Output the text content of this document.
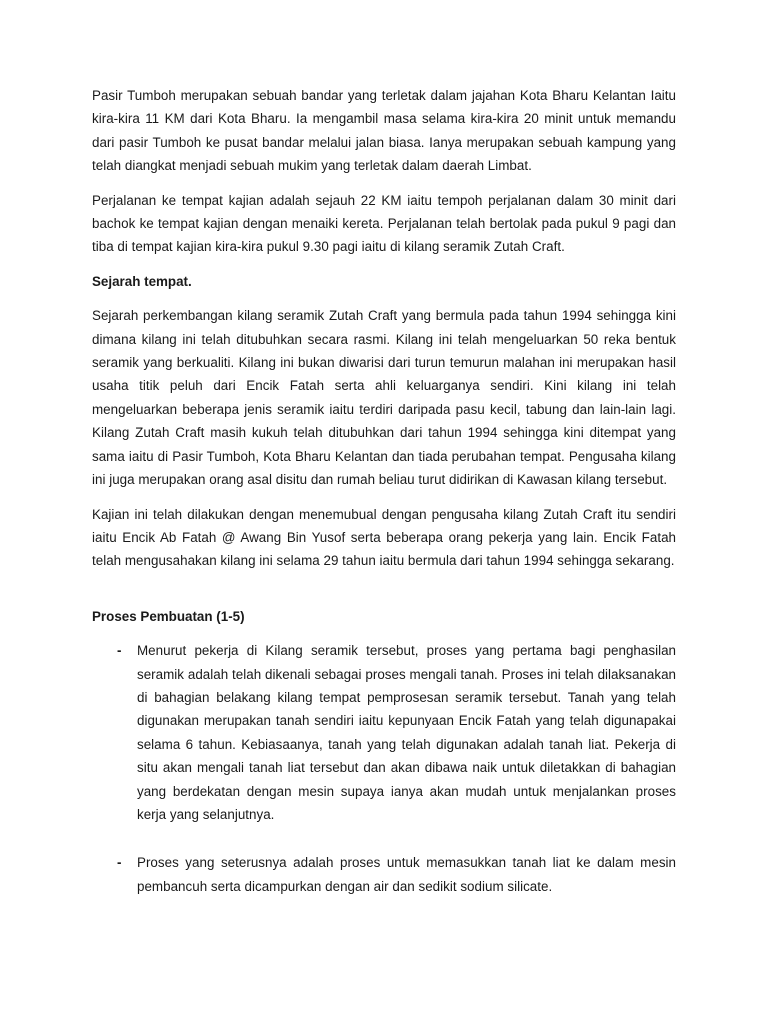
Pasir Tumboh merupakan sebuah bandar yang terletak dalam jajahan Kota Bharu Kelantan Iaitu kira-kira 11 KM dari Kota Bharu. Ia mengambil masa selama kira-kira 20 minit untuk memandu dari pasir Tumboh ke pusat bandar melalui jalan biasa. Ianya merupakan sebuah kampung yang telah diangkat menjadi sebuah mukim yang terletak dalam daerah Limbat.

Perjalanan ke tempat kajian adalah sejauh 22 KM iaitu tempoh perjalanan dalam 30 minit dari bachok ke tempat kajian dengan menaiki kereta. Perjalanan telah bertolak pada pukul 9 pagi dan tiba di tempat kajian kira-kira pukul 9.30 pagi iaitu di kilang seramik Zutah Craft.

Sejarah tempat.

Sejarah perkembangan kilang seramik Zutah Craft yang bermula pada tahun 1994 sehingga kini dimana kilang ini telah ditubuhkan secara rasmi. Kilang ini telah mengeluarkan 50 reka bentuk seramik yang berkualiti. Kilang ini bukan diwarisi dari turun temurun malahan ini merupakan hasil usaha titik peluh dari Encik Fatah serta ahli keluarganya sendiri. Kini kilang ini telah mengeluarkan beberapa jenis seramik iaitu terdiri daripada pasu kecil, tabung dan lain-lain lagi. Kilang Zutah Craft masih kukuh telah ditubuhkan dari tahun 1994 sehingga kini ditempat yang sama iaitu di Pasir Tumboh, Kota Bharu Kelantan dan tiada perubahan tempat. Pengusaha kilang ini juga merupakan orang asal disitu dan rumah beliau turut didirikan di Kawasan kilang tersebut.

Kajian ini telah dilakukan dengan menemubual dengan pengusaha kilang Zutah Craft itu sendiri iaitu Encik Ab Fatah @ Awang Bin Yusof serta beberapa orang pekerja yang lain. Encik Fatah telah mengusahakan kilang ini selama 29 tahun iaitu bermula dari tahun 1994 sehingga sekarang.

Proses Pembuatan (1-5)

- Menurut pekerja di Kilang seramik tersebut, proses yang pertama bagi penghasilan seramik adalah telah dikenali sebagai proses mengali tanah. Proses ini telah dilaksanakan di bahagian belakang kilang tempat pemprosesan seramik tersebut. Tanah yang telah digunakan merupakan tanah sendiri iaitu kepunyaan Encik Fatah yang telah digunapakai selama 6 tahun. Kebiasaanya, tanah yang telah digunakan adalah tanah liat. Pekerja di situ akan mengali tanah liat tersebut dan akan dibawa naik untuk diletakkan di bahagian yang berdekatan dengan mesin supaya ianya akan mudah untuk menjalankan proses kerja yang selanjutnya.

- Proses yang seterusnya adalah proses untuk memasukkan tanah liat ke dalam mesin pembancuh serta dicampurkan dengan air dan sedikit sodium silicate.
